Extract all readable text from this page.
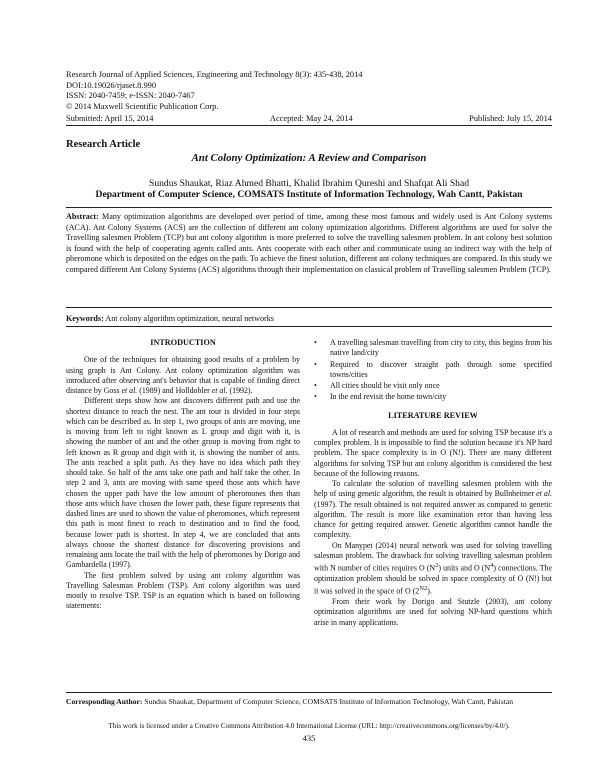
Research Journal of Applied Sciences, Engineering and Technology 8(3): 435-438, 2014
DOI:10.19026/rjaset.8.990
ISSN: 2040-7459; e-ISSN: 2040-7467
© 2014 Maxwell Scientific Publication Corp.
Submitted: April 15, 2014	Accepted: May 24, 2014	Published: July 15, 2014
Research Article
Ant Colony Optimization: A Review and Comparison
Sundus Shaukat, Riaz Ahmed Bhatti, Khalid Ibrahim Qureshi and Shafqat Ali Shad
Department of Computer Science, COMSATS Institute of Information Technology, Wah Cantt, Pakistan
Abstract: Many optimization algorithms are developed over period of time, among these most famous and widely used is Ant Colony systems (ACA). Ant Colony Systems (ACS) are the collection of different ant colony optimization algorithms. Different algorithms are used for solve the Travelling salesmen Problem (TCP) but ant colony algorithm is more preferred to solve the travelling salesmen problem. In ant colony best solution is found with the help of cooperating agents called ants. Ants cooperate with each other and communicate using an indirect way with the help of pheromone which is deposited on the edges on the path. To achieve the finest solution, different ant colony techniques are compared. In this study we compared different Ant Colony Systems (ACS) algorithms through their implementation on classical problem of Travelling salesmen Problem (TCP).
Keywords: Ant colony algorithm optimization, neural networks
INTRODUCTION

One of the techniques for obtaining good results of a problem by using graph is Ant Colony. Ant colony optimization algorithm was introduced after observing ant's behavior that is capable of finding direct distance by Goss et al. (1989) and Holldobler et al. (1992).

Different steps show how ant discovers different path and use the shortest distance to reach the nest. The ant tour is divided in four steps which can be described as. In step 1, two groups of ants are moving, one is moving from left to right known as L group and digit with it, is showing the number of ant and the other group is moving from right to left known as R group and digit with it, is showing the number of ants. The ants reached a split path. As they have no idea which path they should take. So half of the ants take one path and half take the other. In step 2 and 3, ants are moving with same speed those ants which have chosen the upper path have the low amount of pheromones then than those ants which have chosen the lower path, these figure represents that dashed lines are used to shown the value of pheromones, which represent this path is most finest to reach to destination and to find the food, because lower path is shortest. In step 4, we are concluded that ants always choose the shortest distance for discovering provisions and remaining ants locate the trail with the help of pheromones by Dorigo and Gambardella (1997).

The first problem solved by using ant colony algorithm was Travelling Salesman Problem (TSP). Ant colony algorithm was used mostly to resolve TSP. TSP is an equation which is based on following statements:

• A travelling salesman travelling from city to city, this begins from his native land/city
• Required to discover straight path through some specified towns/cities
• All cities should be visit only once
• In the end revisit the home town/city
LITERATURE REVIEW

A lot of research and methods are used for solving TSP because it's a complex problem. It is impossible to find the solution because it's NP hard problem. The space complexity is in O (N!). There are many different algorithms for solving TSP but ant colony algorithm is considered the best because of the following reasons.

To calculate the solution of travelling salesmen problem with the help of using genetic algorithm, the result is obtained by Bullnheimer et al. (1997). The result obtained is not required answer as compared to genetic algorithm. The result is more like examination error than having less chance for getting required answer. Genetic algorithm cannot handle the complexity.

On Manypet (2014) neural network was used for solving travelling salesman problem. The drawback for solving travelling salesman problem with N number of cities requires O $(N^2)$ units and O $(N^4)$ connections. The optimization problem should be solved in space complexity of O (N!) but it was solved in the space of O $(2^{N2})$.

From their work by Dorigo and Stutzle (2003), ant colony optimization algorithms are used for solving NP-hard questions which arise in many applications.

Corresponding Author: Sundus Shaukat, Department of Computer Science, COMSATS Institute of Information Technology, Wah Cantt, Pakistan
This work is licensed under a Creative Commons Attribution 4.0 International License (URL: http://creativecommons.org/licenses/by/4.0/).
435
